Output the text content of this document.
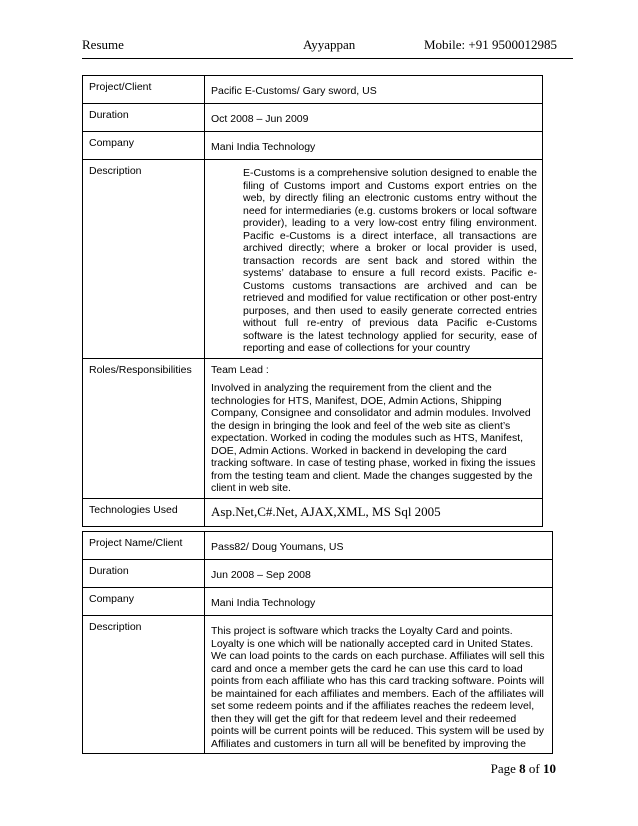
Resume	Ayyappan	Mobile: +91 9500012985
Project/Client	Pacific E-Customs/ Gary sword, US
Duration	Oct 2008 – Jun 2009
Company	Mani India Technology
Description	E-Customs is a comprehensive solution designed to enable the filing of Customs import and Customs export entries on the web, by directly filing an electronic customs entry without the need for intermediaries (e.g. customs brokers or local software provider), leading to a very low-cost entry filing environment. Pacific e-Customs is a direct interface, all transactions are archived directly; where a broker or local provider is used, transaction records are sent back and stored within the systems’ database to ensure a full record exists. Pacific e-Customs customs transactions are archived and can be retrieved and modified for value rectification or other post-entry purposes, and then used to easily generate corrected entries without full re-entry of previous data Pacific e-Customs software is the latest technology applied for security, ease of reporting and ease of collections for your country

Roles/Responsibilities	Team Lead :
Involved in analyzing the requirement from the client and the technologies for HTS, Manifest, DOE, Admin Actions, Shipping Company, Consignee and consolidator and admin modules. Involved the design in bringing the look and feel of the web site as client’s expectation. Worked in coding the modules such as HTS, Manifest, DOE, Admin Actions. Worked in backend in developing the card tracking software. In case of testing phase, worked in fixing the issues from the testing team and client. Made the changes suggested by the client in web site.

Technologies Used	Asp.Net,C#.Net, AJAX,XML, MS Sql 2005
Project Name/Client	Pass82/ Doug Youmans, US
Duration	Jun 2008 – Sep 2008
Company	Mani India Technology
Description	This project is software which tracks the Loyalty Card and points. Loyalty is one which will be nationally accepted card in United States. We can load points to the cards on each purchase. Affiliates will sell this card and once a member gets the card he can use this card to load points from each affiliate who has this card tracking software. Points will be maintained for each affiliates and members. Each of the affiliates will set some redeem points and if the affiliates reaches the redeem level, then they will get the gift for that redeem level and their redeemed points will be current points will be reduced. This system will be used by Affiliates and customers in turn all will be benefited by improving the
Page 8 of 10
